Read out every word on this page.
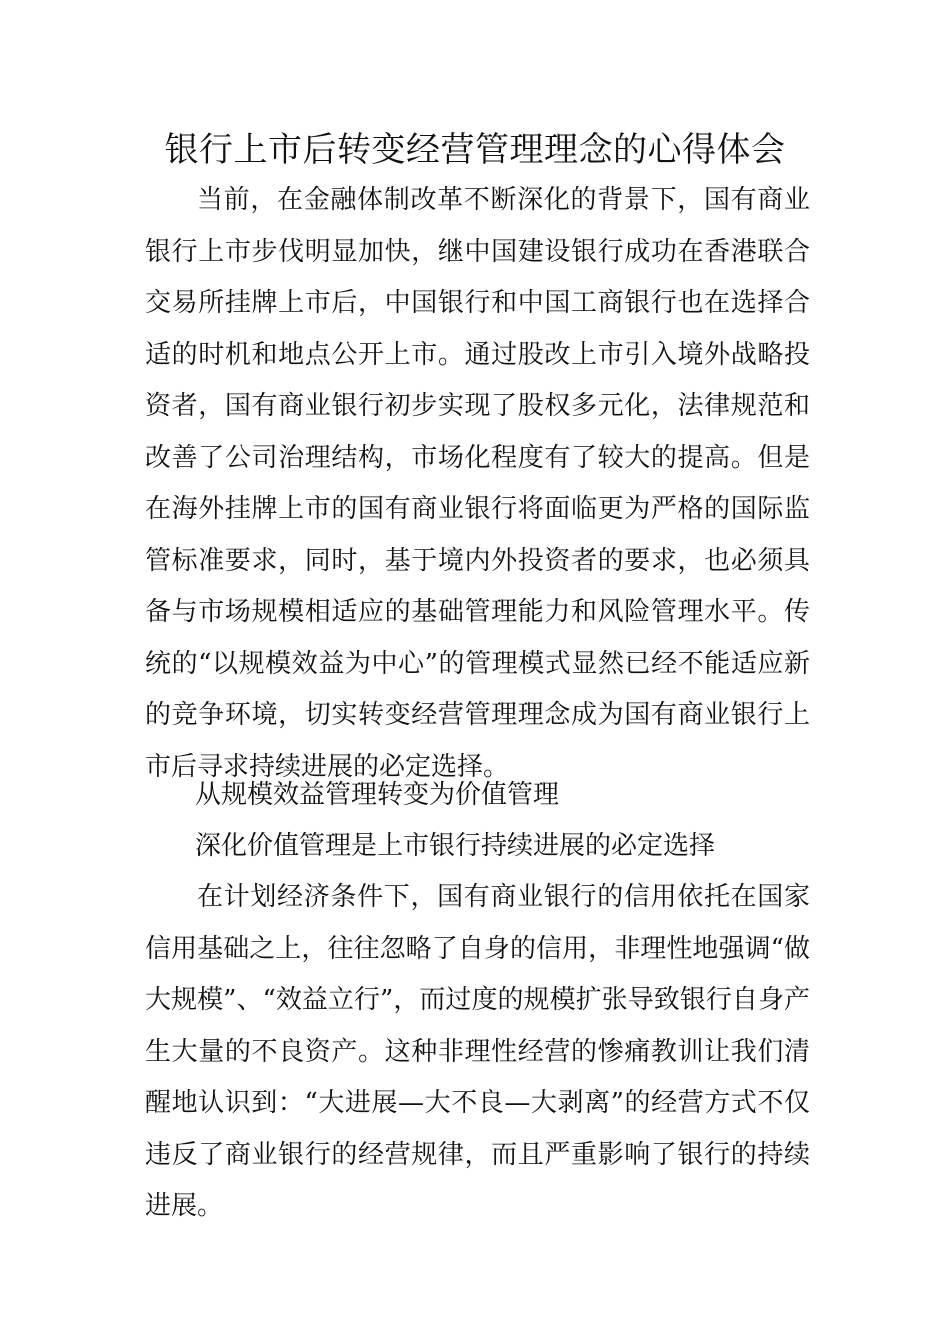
银行上市后转变经营管理理念的心得体会

当前，在金融体制改革不断深化的背景下，国有商业银行上市步伐明显加快，继中国建设银行成功在香港联合交易所挂牌上市后，中国银行和中国工商银行也在选择合适的时机和地点公开上市。通过股改上市引入境外战略投资者，国有商业银行初步实现了股权多元化，法律规范和改善了公司治理结构，市场化程度有了较大的提高。但是在海外挂牌上市的国有商业银行将面临更为严格的国际监管标准要求，同时，基于境内外投资者的要求，也必须具备与市场规模相适应的基础管理能力和风险管理水平。传统的“以规模效益为中心”的管理模式显然已经不能适应新的竞争环境，切实转变经营管理理念成为国有商业银行上市后寻求持续进展的必定选择。

从规模效益管理转变为价值管理

深化价值管理是上市银行持续进展的必定选择

在计划经济条件下，国有商业银行的信用依托在国家信用基础之上，往往忽略了自身的信用，非理性地强调“做大规模”、“效益立行”，而过度的规模扩张导致银行自身产生大量的不良资产。这种非理性经营的惨痛教训让我们清醒地认识到：“大进展—大不良—大剥离”的经营方式不仅违反了商业银行的经营规律，而且严重影响了银行的持续进展。
